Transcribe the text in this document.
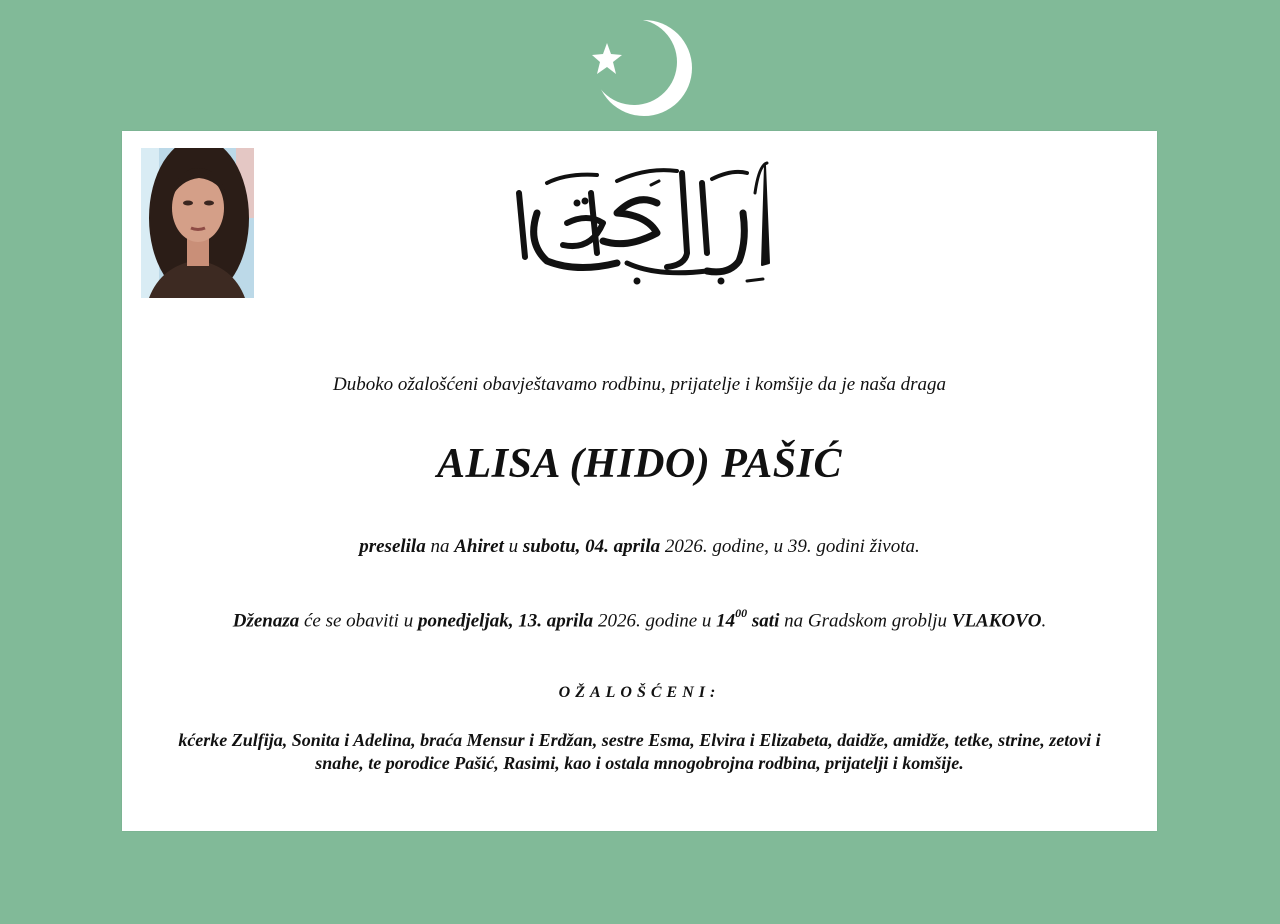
Duboko ožalošćeni obavještavamo rodbinu, prijatelje i komšije da je naša draga
ALISA (HIDO) PAŠIĆ
preselila na Ahiret u subotu, 04. aprila 2026. godine, u 39. godini života.
Dženaza će se obaviti u ponedjeljak, 13. aprila 2026. godine u $14^{00}$ sati na Gradskom groblju VLAKOVO.
OŽALOŠĆENI:
kćerke Zulfija, Sonita i Adelina, braća Mensur i Erdžan, sestre Esma, Elvira i Elizabeta, daidže, amidže, tetke, strine, zetovi i
snahe, te porodice Pašić, Rasimi, kao i ostala mnogobrojna rodbina, prijatelji i komšije.
